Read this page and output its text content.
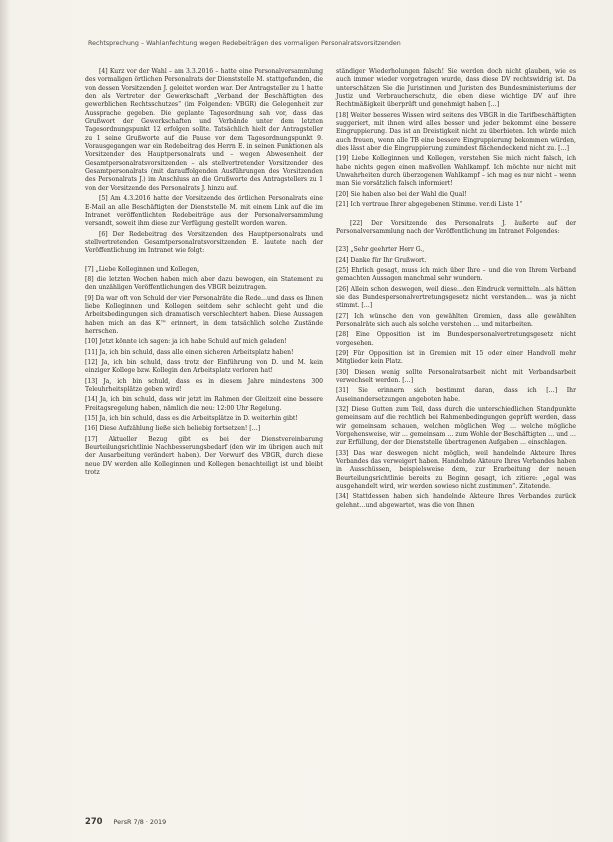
Rechtsprechung – Wahlanfechtung wegen Redebeiträgen des vormaligen Personalratsvorsitzenden

[4] Kurz vor der Wahl – am 3.3.2016 – hatte eine Personalversammlung des vormaligen örtlichen Personalrats der Dienststelle M. stattgefunden, die von dessen Vorsitzenden J. geleitet worden war. Der Antragsteller zu 1 hatte den als Vertreter der Gewerkschaft „Verband der Beschäftigten des gewerblichen Rechtsschutzes“ (im Folgenden: VBGR) die Gelegenheit zur Aussprache gegeben. Die geplante Tagesordnung sah vor, dass das Grußwort der Gewerkschaften und Verbände unter dem letzten Tagesordnungspunkt 12 erfolgen sollte. Tatsächlich hielt der Antragsteller zu 1 seine Grußworte auf die Pause vor dem Tagesordnungspunkt 9. Vorausgegangen war ein Redebeitrag des Herrn E. in seinen Funktionen als Vorsitzender des Hauptpersonalrats und – wegen Abwesenheit der Gesamtpersonalratsvorsitzenden – als stellvertretender Vorsitzender des Gesamtpersonalrats (mit darauffolgenden Ausführungen des Vorsitzenden des Personalrats J.) im Anschluss an die Grußworte des Antragstellers zu 1 von der Vorsitzende des Personalrats J. hinzu auf.

[5] Am 4.3.2016 hatte der Vorsitzende des örtlichen Personalrats eine E-Mail an alle Beschäftigten der Dienststelle M. mit einem Link auf die im Intranet veröffentlichten Redebeiträge aus der Personalversammlung versandt, soweit ihm diese zur Verfügung gestellt worden waren.

[6] Der Redebeitrag des Vorsitzenden des Hauptpersonalrats und stellvertretenden Gesamtpersonalratsvorsitzenden E. lautete nach der Veröffentlichung im Intranet wie folgt:

[7] „Liebe Kolleginnen und Kollegen,

[8] die letzten Wochen haben mich aber dazu bewogen, ein Statement zu den unzähligen Veröffentlichungen des VBGR beizutragen.

[9] Da war oft von Schuld der vier Personalräte die Rede…und dass es Ihnen liebe Kolleginnen und Kollegen seitdem sehr schlecht geht und die Arbeitsbedingungen sich dramatisch verschlechtert haben. Diese Aussagen haben mich an das K™ erinnert, in dem tatsächlich solche Zustände herrschen.

[10] Jetzt könnte ich sagen: ja ich habe Schuld auf mich geladen!

[11] Ja, ich bin schuld, dass alle einen sicheren Arbeitsplatz haben!

[12] Ja, ich bin schuld, dass trotz der Einführung von D. und M. kein einziger Kollege bzw. Kollegin den Arbeitsplatz verloren hat!

[13] Ja, ich bin schuld, dass es in diesem Jahre mindestens 300 Teleuhrheitsplätze geben wird!

[14] Ja, ich bin schuld, dass wir jetzt im Rahmen der Gleitzeit eine bessere Freitagsregelung haben, nämlich die neu: 12:00 Uhr Regelung.

[15] Ja, ich bin schuld, dass es die Arbeitsplätze in D. weiterhin gibt!

[16] Diese Aufzählung ließe sich beliebig fortsetzen! […]

[17] Aktueller Bezug gibt es bei der Dienstvereinbarung Beurteilungsrichtlinie Nachbesserungsbedarf (den wir im übrigen auch mit der Ausarbeitung verändert haben). Der Vorwurf des VBGR, durch diese neue DV werden alle Kolleginnen und Kollegen benachteiligt ist und bleibt trotz

ständiger Wiederholungen falsch! Sie werden doch nicht glauben, wie es auch immer wieder vorgetragen wurde, dass diese DV rechtswidrig ist. Da unterschätzen Sie die Juristinnen und Juristen des Bundesministeriums der Justiz und Verbraucherschutz, die eben diese wichtige DV auf ihre Rechtmäßigkeit überprüft und genehmigt haben […]

[18] Weiter besseres Wissen wird seitens des VBGR in die Tarifbeschäftigten suggeriert, mit ihnen wird alles besser und jeder bekommt eine bessere Eingruppierung. Das ist an Dreistigkeit nicht zu überbieten. Ich würde mich auch freuen, wenn alle TB eine bessere Eingruppierung bekommen würden, dies lässt aber die Eingruppierung zumindest flächendeckend nicht zu. […]

[19] Liebe Kolleginnen und Kollegen, verstehen Sie mich nicht falsch, ich habe nichts gegen einen maßvollen Wahlkampf. Ich möchte nur nicht mit Unwahrheiten durch überzogenen Wahlkampf – ich mag es nur nicht – wenn man Sie vorsätzlich falsch informiert!

[20] Sie haben also bei der Wahl die Qual!

[21] Ich vertraue Ihrer abgegebenen Stimme. ver.di Liste 1“

[22] Der Vorsitzende des Personalrats J. äußerte auf der Personalversammlung nach der Veröffentlichung im Intranet Folgendes:

[23] „Sehr geehrter Herr G.,

[24] Danke für Ihr Grußwort.

[25] Ehrlich gesagt, muss ich mich über Ihre – und die von Ihrem Verband gemachten Aussagen manchmal sehr wundern.

[26] Allein schon deswegen, weil diese…den Eindruck vermitteln…als hätten sie das Bundespersonalvertretungsgesetz nicht verstanden… was ja nicht stimmt. […]

[27] Ich wünsche den von gewählten Gremien, dass alle gewählten Personalräte sich auch als solche verstehen … und mitarbeiten.

[28] Eine Opposition ist im Bundespersonalvertretungsgesetz nicht vorgesehen.

[29] Für Opposition ist in Gremien mit 15 oder einer Handvoll mehr Mitglieder kein Platz.

[30] Diesen wenig sollte Personalratsarbeit nicht mit Verbandsarbeit verwechselt werden. […]

[31] Sie erinnern sich bestimmt daran, dass ich […] Ihr Auseinandersetzungen angeboten habe.

[32] Diese Gutten zum Teil, dass durch die unterschiedlichen Standpunkte gemeinsam auf die rechtlich bei Rahmenbedingungen geprüft werden, dass wir gemeinsam schauen, welchen möglichen Weg … welche mögliche Vorgehensweise, wir … gemeinsam … zum Wohle der Beschäftigten … und … zur Erfüllung, der der Dienststelle übertragenen Aufgaben … einschlagen.

[33] Das war deswegen nicht möglich, weil handelnde Akteure Ihres Verbandes das verweigert haben. Handelnde Akteure Ihres Verbandes haben in Ausschüssen, beispielsweise dem, zur Erarbeitung der neuen Beurteilungsrichtlinie bereits zu Beginn gesagt, ich zitiere: „egal was ausgehandelt wird, wir werden sowieso nicht zustimmen“. Zitatende.

[34] Stattdessen haben sich handelnde Akteure Ihres Verbandes zurück gelehnt…und abgewartet, was die von Ihnen

270 PersR 7/8 · 2019
